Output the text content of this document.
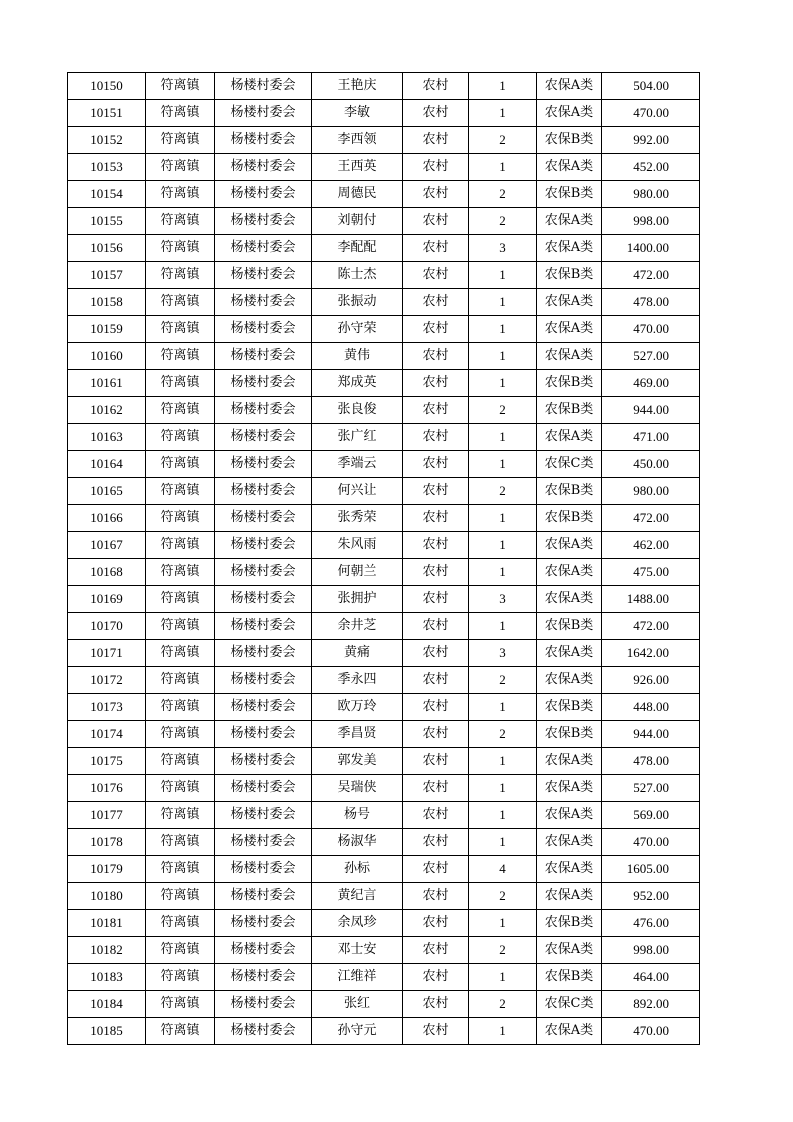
10150	符离镇	杨楼村委会	王艳庆	农村	1	农保A类	504.00
10151	符离镇	杨楼村委会	李敏	农村	1	农保A类	470.00
10152	符离镇	杨楼村委会	李西领	农村	2	农保B类	992.00
10153	符离镇	杨楼村委会	王西英	农村	1	农保A类	452.00
10154	符离镇	杨楼村委会	周德民	农村	2	农保B类	980.00
10155	符离镇	杨楼村委会	刘朝付	农村	2	农保A类	998.00
10156	符离镇	杨楼村委会	李配配	农村	3	农保A类	1400.00
10157	符离镇	杨楼村委会	陈士杰	农村	1	农保B类	472.00
10158	符离镇	杨楼村委会	张振动	农村	1	农保A类	478.00
10159	符离镇	杨楼村委会	孙守荣	农村	1	农保A类	470.00
10160	符离镇	杨楼村委会	黄伟	农村	1	农保A类	527.00
10161	符离镇	杨楼村委会	郑成英	农村	1	农保B类	469.00
10162	符离镇	杨楼村委会	张良俊	农村	2	农保B类	944.00
10163	符离镇	杨楼村委会	张广红	农村	1	农保A类	471.00
10164	符离镇	杨楼村委会	季端云	农村	1	农保C类	450.00
10165	符离镇	杨楼村委会	何兴让	农村	2	农保B类	980.00
10166	符离镇	杨楼村委会	张秀荣	农村	1	农保B类	472.00
10167	符离镇	杨楼村委会	朱风雨	农村	1	农保A类	462.00
10168	符离镇	杨楼村委会	何朝兰	农村	1	农保A类	475.00
10169	符离镇	杨楼村委会	张拥护	农村	3	农保A类	1488.00
10170	符离镇	杨楼村委会	余井芝	农村	1	农保B类	472.00
10171	符离镇	杨楼村委会	黄痛	农村	3	农保A类	1642.00
10172	符离镇	杨楼村委会	季永四	农村	2	农保A类	926.00
10173	符离镇	杨楼村委会	欧万玲	农村	1	农保B类	448.00
10174	符离镇	杨楼村委会	季昌贤	农村	2	农保B类	944.00
10175	符离镇	杨楼村委会	郭发美	农村	1	农保A类	478.00
10176	符离镇	杨楼村委会	吴瑞侠	农村	1	农保A类	527.00
10177	符离镇	杨楼村委会	杨号	农村	1	农保A类	569.00
10178	符离镇	杨楼村委会	杨淑华	农村	1	农保A类	470.00
10179	符离镇	杨楼村委会	孙标	农村	4	农保A类	1605.00
10180	符离镇	杨楼村委会	黄纪言	农村	2	农保A类	952.00
10181	符离镇	杨楼村委会	余凤珍	农村	1	农保B类	476.00
10182	符离镇	杨楼村委会	邓士安	农村	2	农保A类	998.00
10183	符离镇	杨楼村委会	江维祥	农村	1	农保B类	464.00
10184	符离镇	杨楼村委会	张红	农村	2	农保C类	892.00
10185	符离镇	杨楼村委会	孙守元	农村	1	农保A类	470.00
